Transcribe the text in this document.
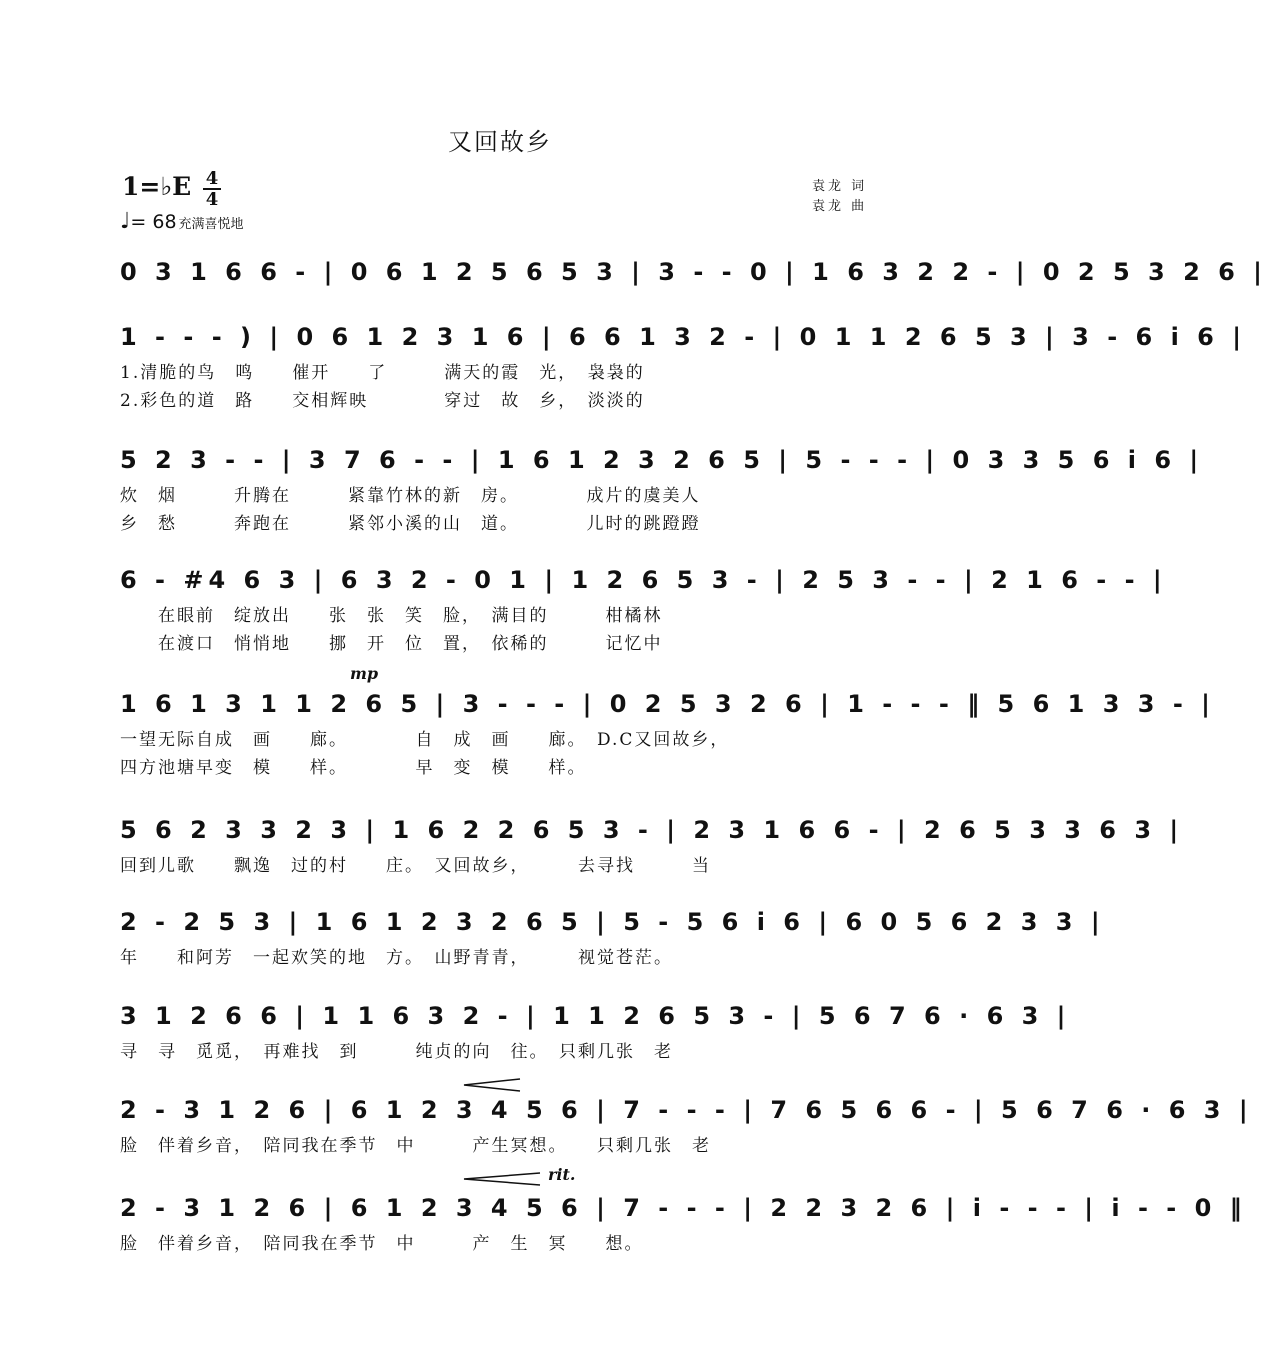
又回故乡
1=♭E 4
4
♩= 68 充满喜悦地
袁龙 词
袁龙 曲
0 3 1 6 6 - | 0 6 1 2 5 6 5 3 | 3 - - 0 | 1 6 3 2 2 - | 0 2 5 3 2 6 |
1 - - - ) | 0 6 1 2 3 1 6 | 6 6 1 3 2 - | 0 1 1 2 6 5 3 | 3 - 6 i 6 |
1.清脆的鸟　鸣　　催开　　了　　　满天的霞　光，　袅袅的
2.彩色的道　路　　交相辉映　　　　穿过　故　乡，　淡淡的
5 2 3 - - | 3 7 6 - - | 1 6 1 2 3 2 6 5 | 5 - - - | 0 3 3 5 6 i 6 |
炊　烟　　　升腾在　　　紧靠竹林的新　房。　　　　成片的虞美人
乡　愁　　　奔跑在　　　紧邻小溪的山　道。　　　　儿时的跳蹬蹬
6 - #4 6 3 | 6 3 2 - 0 1 | 1 2 6 5 3 - | 2 5 3 - - | 2 1 6 - - |
　　在眼前　绽放出　　张　张　笑　脸，　满目的　　　柑橘林
　　在渡口　悄悄地　　挪　开　位　置，　依稀的　　　记忆中
mp
1 6 1 3 1 1 2 6 5 | 3 - - - | 0 2 5 3 2 6 | 1 - - - ‖ 5 6 1 3 3 - |
一望无际自成　画　　廊。　　　　自　成　画　　廊。　D.C又回故乡，
四方池塘早变　模　　样。　　　　早　变　模　　样。
5 6 2 3 3 2 3 | 1 6 2 2 6 5 3 - | 2 3 1 6 6 - | 2 6 5 3 3 6 3 |
回到儿歌　　飘逸　过的村　　庄。　又回故乡，　　　去寻找　　　当
2 - 2 5 3 | 1 6 1 2 3 2 6 5 | 5 - 5 6 i 6 | 6 0 5 6 2 3 3 |
年　　和阿芳　一起欢笑的地　方。　山野青青，　　　视觉苍茫。
3 1 2 6 6 | 1 1 6 3 2 - | 1 1 2 6 5 3 - | 5 6 7 6 · 6 3 |
寻　寻　觅觅，　再难找　到　　　纯贞的向　往。　只剩几张　老
2 - 3 1 2 6 | 6 1 2 3 4 5 6 | 7 - - - | 7 6 5 6 6 - | 5 6 7 6 · 6 3 |
脸　伴着乡音，　陪同我在季节　中　　　产生冥想。　　只剩几张　老
rit.
2 - 3 1 2 6 | 6 1 2 3 4 5 6 | 7 - - - | 2 2 3 2 6 | i - - - | i - - 0 ‖
脸　伴着乡音，　陪同我在季节　中　　　产　生　冥　　想。
